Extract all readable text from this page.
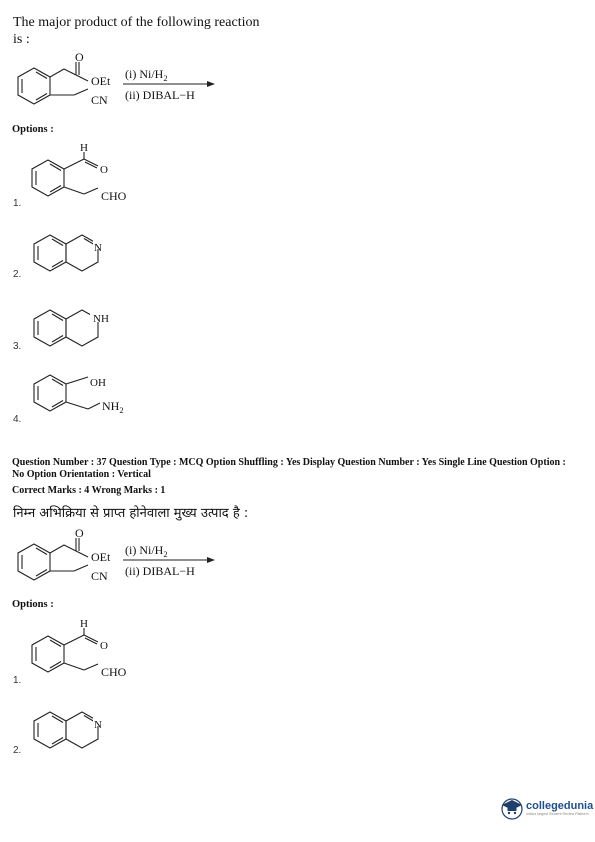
The major product of the following reaction
is :
O
OEt
CN
(i) $Ni/H_2$
(ii) DIBAL−H
Options :
H
O
CHO
1.
N
2.
NH
3.
OH
$NH_2$
4.
Question Number : 37 Question Type : MCQ Option Shuffling : Yes Display Question Number : Yes Single Line Question Option :
No Option Orientation : Vertical
Correct Marks : 4 Wrong Marks : 1
निम्न अभिक्रिया से प्राप्त होनेवाला मुख्य उत्पाद है :
O
OEt
CN
(i) $Ni/H_2$
(ii) DIBAL−H
Options :
H
O
CHO
1.
N
2.
collegedunia
India's largest Student Review Platform
